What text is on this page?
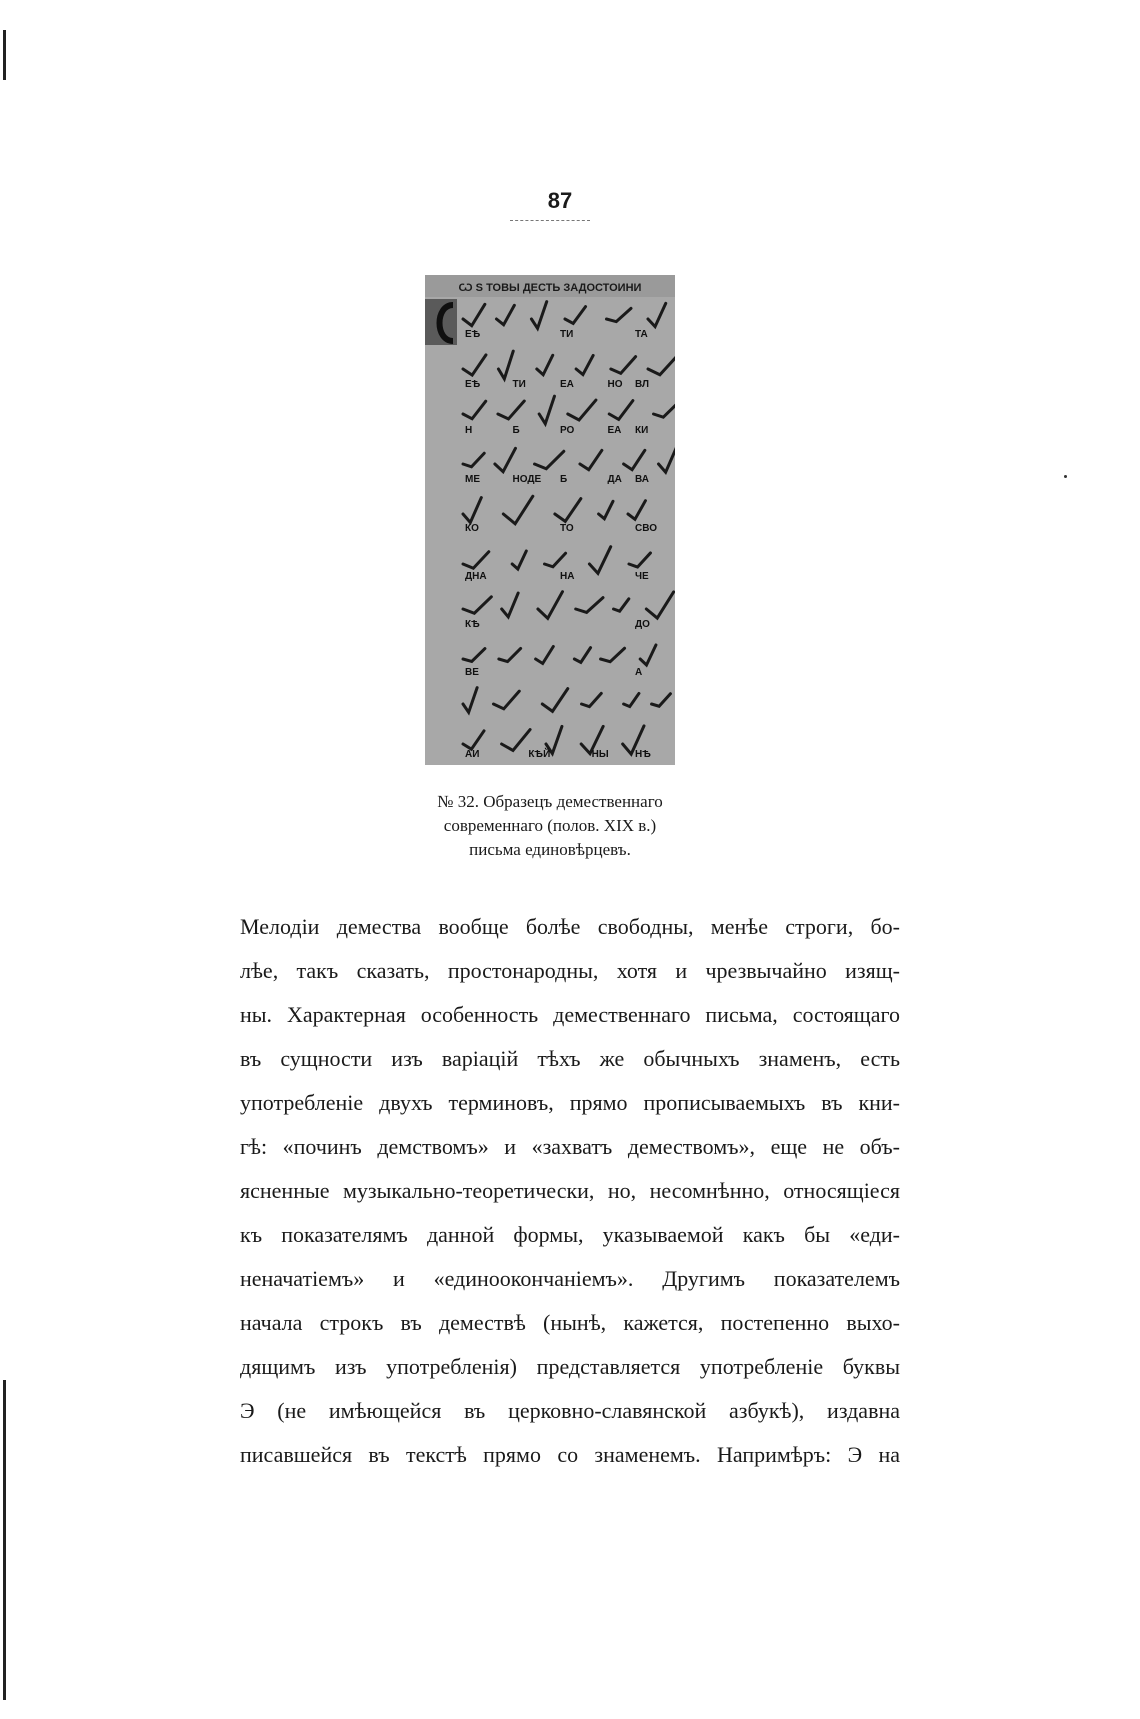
87
Ѡ Ѕ ТОВЫ ДЕСТЬ ЗАДОСТОИНИ
ЕѢ	ТИ	ТА
ЕѢ	ТИ	ЕА	НО ВЛ
Н	Б	РО	ЕА КИ
МЕ	НОДЕ Б	ДА ВА
КО	ТО	СВО
ДНА	НА	ЧЕ
КѢ	ДО
ВЕ	А
АИ	КѢЙ	НЫ	НѢ
№ 32. Образецъ демественнаго
современнаго (полов. XIX в.)
письма единовѣрцевъ.
Мелодіи демества вообще болѣе свободны, менѣе строги, бо-
лѣе, такъ сказать, простонародны, хотя и чрезвычайно изящ-
ны. Характерная особенность демественнаго письма, состоящаго
въ сущности изъ варіацій тѣхъ же обычныхъ знаменъ, есть
употребленіе двухъ терминовъ, прямо прописываемыхъ въ кни-
гѣ: «починъ демствомъ» и «захватъ демествомъ», еще не объ-
ясненные музыкально-теоретически, но, несомнѣнно, относящіеся
къ показателямъ данной формы, указываемой какъ бы «еди-
неначатіемъ» и «единоокончаніемъ». Другимъ показателемъ
начала строкъ въ демествѣ (нынѣ, кажется, постепенно выхо-
дящимъ изъ употребленія) представляется употребленіе буквы
Э (не имѣющейся въ церковно-славянской азбукѣ), издавна
писавшейся въ текстѣ прямо со знаменемъ. Напримѣръ: Э на
